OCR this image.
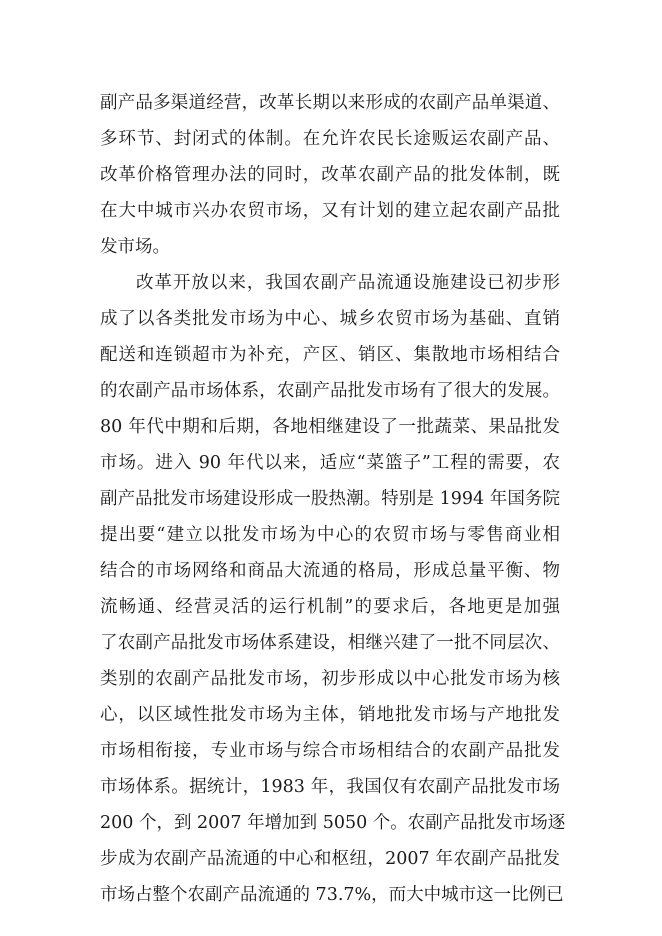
副产品多渠道经营，改革长期以来形成的农副产品单渠道、
多环节、封闭式的体制。在允许农民长途贩运农副产品、
改革价格管理办法的同时，改革农副产品的批发体制，既
在大中城市兴办农贸市场，又有计划的建立起农副产品批
发市场。
改革开放以来，我国农副产品流通设施建设已初步形
成了以各类批发市场为中心、城乡农贸市场为基础、直销
配送和连锁超市为补充，产区、销区、集散地市场相结合
的农副产品市场体系，农副产品批发市场有了很大的发展。
80 年代中期和后期，各地相继建设了一批蔬菜、果品批发
市场。进入 90 年代以来，适应“菜篮子”工程的需要，农
副产品批发市场建设形成一股热潮。特别是 1994 年国务院
提出要“建立以批发市场为中心的农贸市场与零售商业相
结合的市场网络和商品大流通的格局，形成总量平衡、物
流畅通、经营灵活的运行机制”的要求后，各地更是加强
了农副产品批发市场体系建设，相继兴建了一批不同层次、
类别的农副产品批发市场，初步形成以中心批发市场为核
心，以区域性批发市场为主体，销地批发市场与产地批发
市场相衔接，专业市场与综合市场相结合的农副产品批发
市场体系。据统计，1983 年，我国仅有农副产品批发市场
200 个，到 2007 年增加到 5050 个。农副产品批发市场逐
步成为农副产品流通的中心和枢纽，2007 年农副产品批发
市场占整个农副产品流通的 73.7%，而大中城市这一比例已
